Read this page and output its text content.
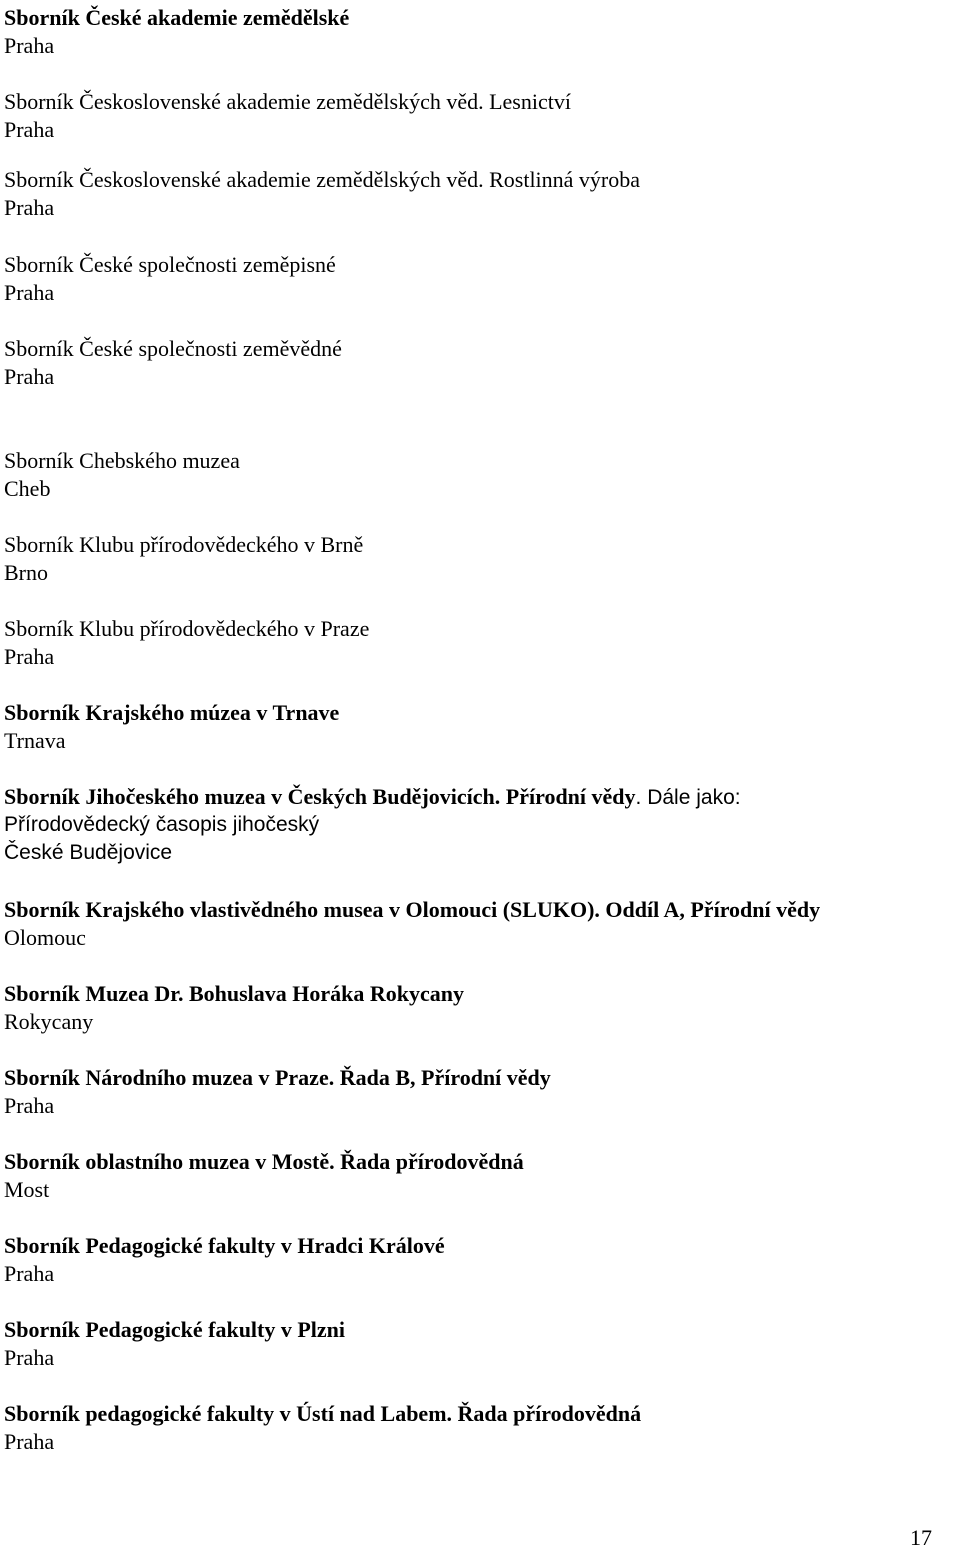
Sborník České akademie zemědělské
Praha
Sborník Československé akademie zemědělských věd. Lesnictví
Praha
Sborník Československé akademie zemědělských věd. Rostlinná výroba
Praha
Sborník České společnosti zeměpisné
Praha
Sborník České společnosti zeměvědné
Praha
Sborník Chebského muzea
Cheb
Sborník Klubu přírodovědeckého v Brně
Brno
Sborník Klubu přírodovědeckého v Praze
Praha
Sborník Krajského múzea v Trnave
Trnava
Sborník Jihočeského muzea v Českých Budějovicích. Přírodní vědy. Dále jako:
Přírodovědecký časopis jihočeský
České Budějovice
Sborník Krajského vlastivědného musea v Olomouci (SLUKO). Oddíl A, Přírodní vědy
Olomouc
Sborník Muzea Dr. Bohuslava Horáka Rokycany
Rokycany
Sborník Národního muzea v Praze. Řada B, Přírodní vědy
Praha
Sborník oblastního muzea v Mostě. Řada přírodovědná
Most
Sborník Pedagogické fakulty v Hradci Králové
Praha
Sborník Pedagogické fakulty v Plzni
Praha
Sborník pedagogické fakulty v Ústí nad Labem. Řada přírodovědná
Praha
17
